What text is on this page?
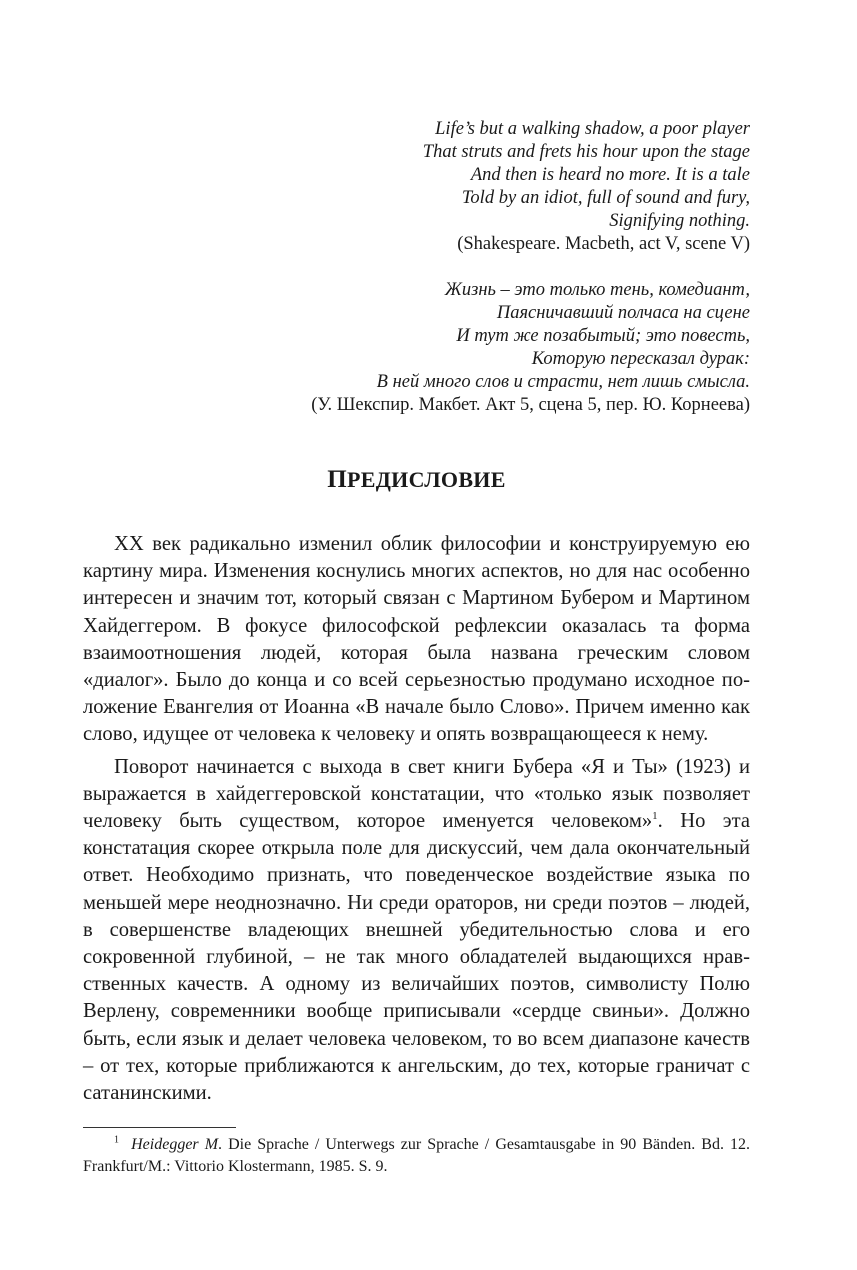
Life’s but a walking shadow, a poor player
That struts and frets his hour upon the stage
And then is heard no more. It is a tale
Told by an idiot, full of sound and fury,
Signifying nothing.
(Shakespeare. Macbeth, act V, scene V)
Жизнь – это только тень, комедиант,
Паясничавший полчаса на сцене
И тут же позабытый; это повесть,
Которую пересказал дурак:
В ней много слов и страсти, нет лишь смысла.
(У. Шекспир. Макбет. Акт 5, сцена 5, пер. Ю. Корнеева)
ПРЕДИСЛОВИЕ

XX век радикально изменил облик философии и конструируемую ею картину мира. Изменения коснулись многих аспектов, но для нас особенно интересен и значим тот, который связан с Мартином Бубером и Мартином Хайдеггером. В фокусе философской рефлексии оказалась та форма взаимоотношения людей, которая была названа греческим словом «диалог». Было до конца и со всей серьезностью продумано исходное положение Евангелия от Иоанна «В начале было Слово». Причем именно как слово, идущее от человека к человеку и опять возвращающееся к нему.

Поворот начинается с выхода в свет книги Бубера «Я и Ты» (1923) и выражается в хайдеггеровской констатации, что «только язык позволяет человеку быть существом, которое именуется человеком»$^1$. Но эта констатация скорее открыла поле для дискуссий, чем дала окончательный ответ. Необходимо признать, что поведенческое воздействие языка по меньшей мере неоднозначно. Ни среди ораторов, ни среди поэтов – людей, в совершенстве владеющих внешней убедительностью слова и его сокровенной глубиной, – не так много обладателей выдающихся нравственных качеств. А одному из величайших поэтов, символисту Полю Верлену, современники вообще приписывали «сердце свиньи». Должно быть, если язык и делает человека человеком, то во всем диапазоне качеств – от тех, которые приближаются к ангельским, до тех, которые граничат с сатанинскими.

$^1$ Heidegger M. Die Sprache / Unterwegs zur Sprache / Gesamtausgabe in 90 Bänden. Bd. 12. Frankfurt/M.: Vittorio Klostermann, 1985. S. 9.
